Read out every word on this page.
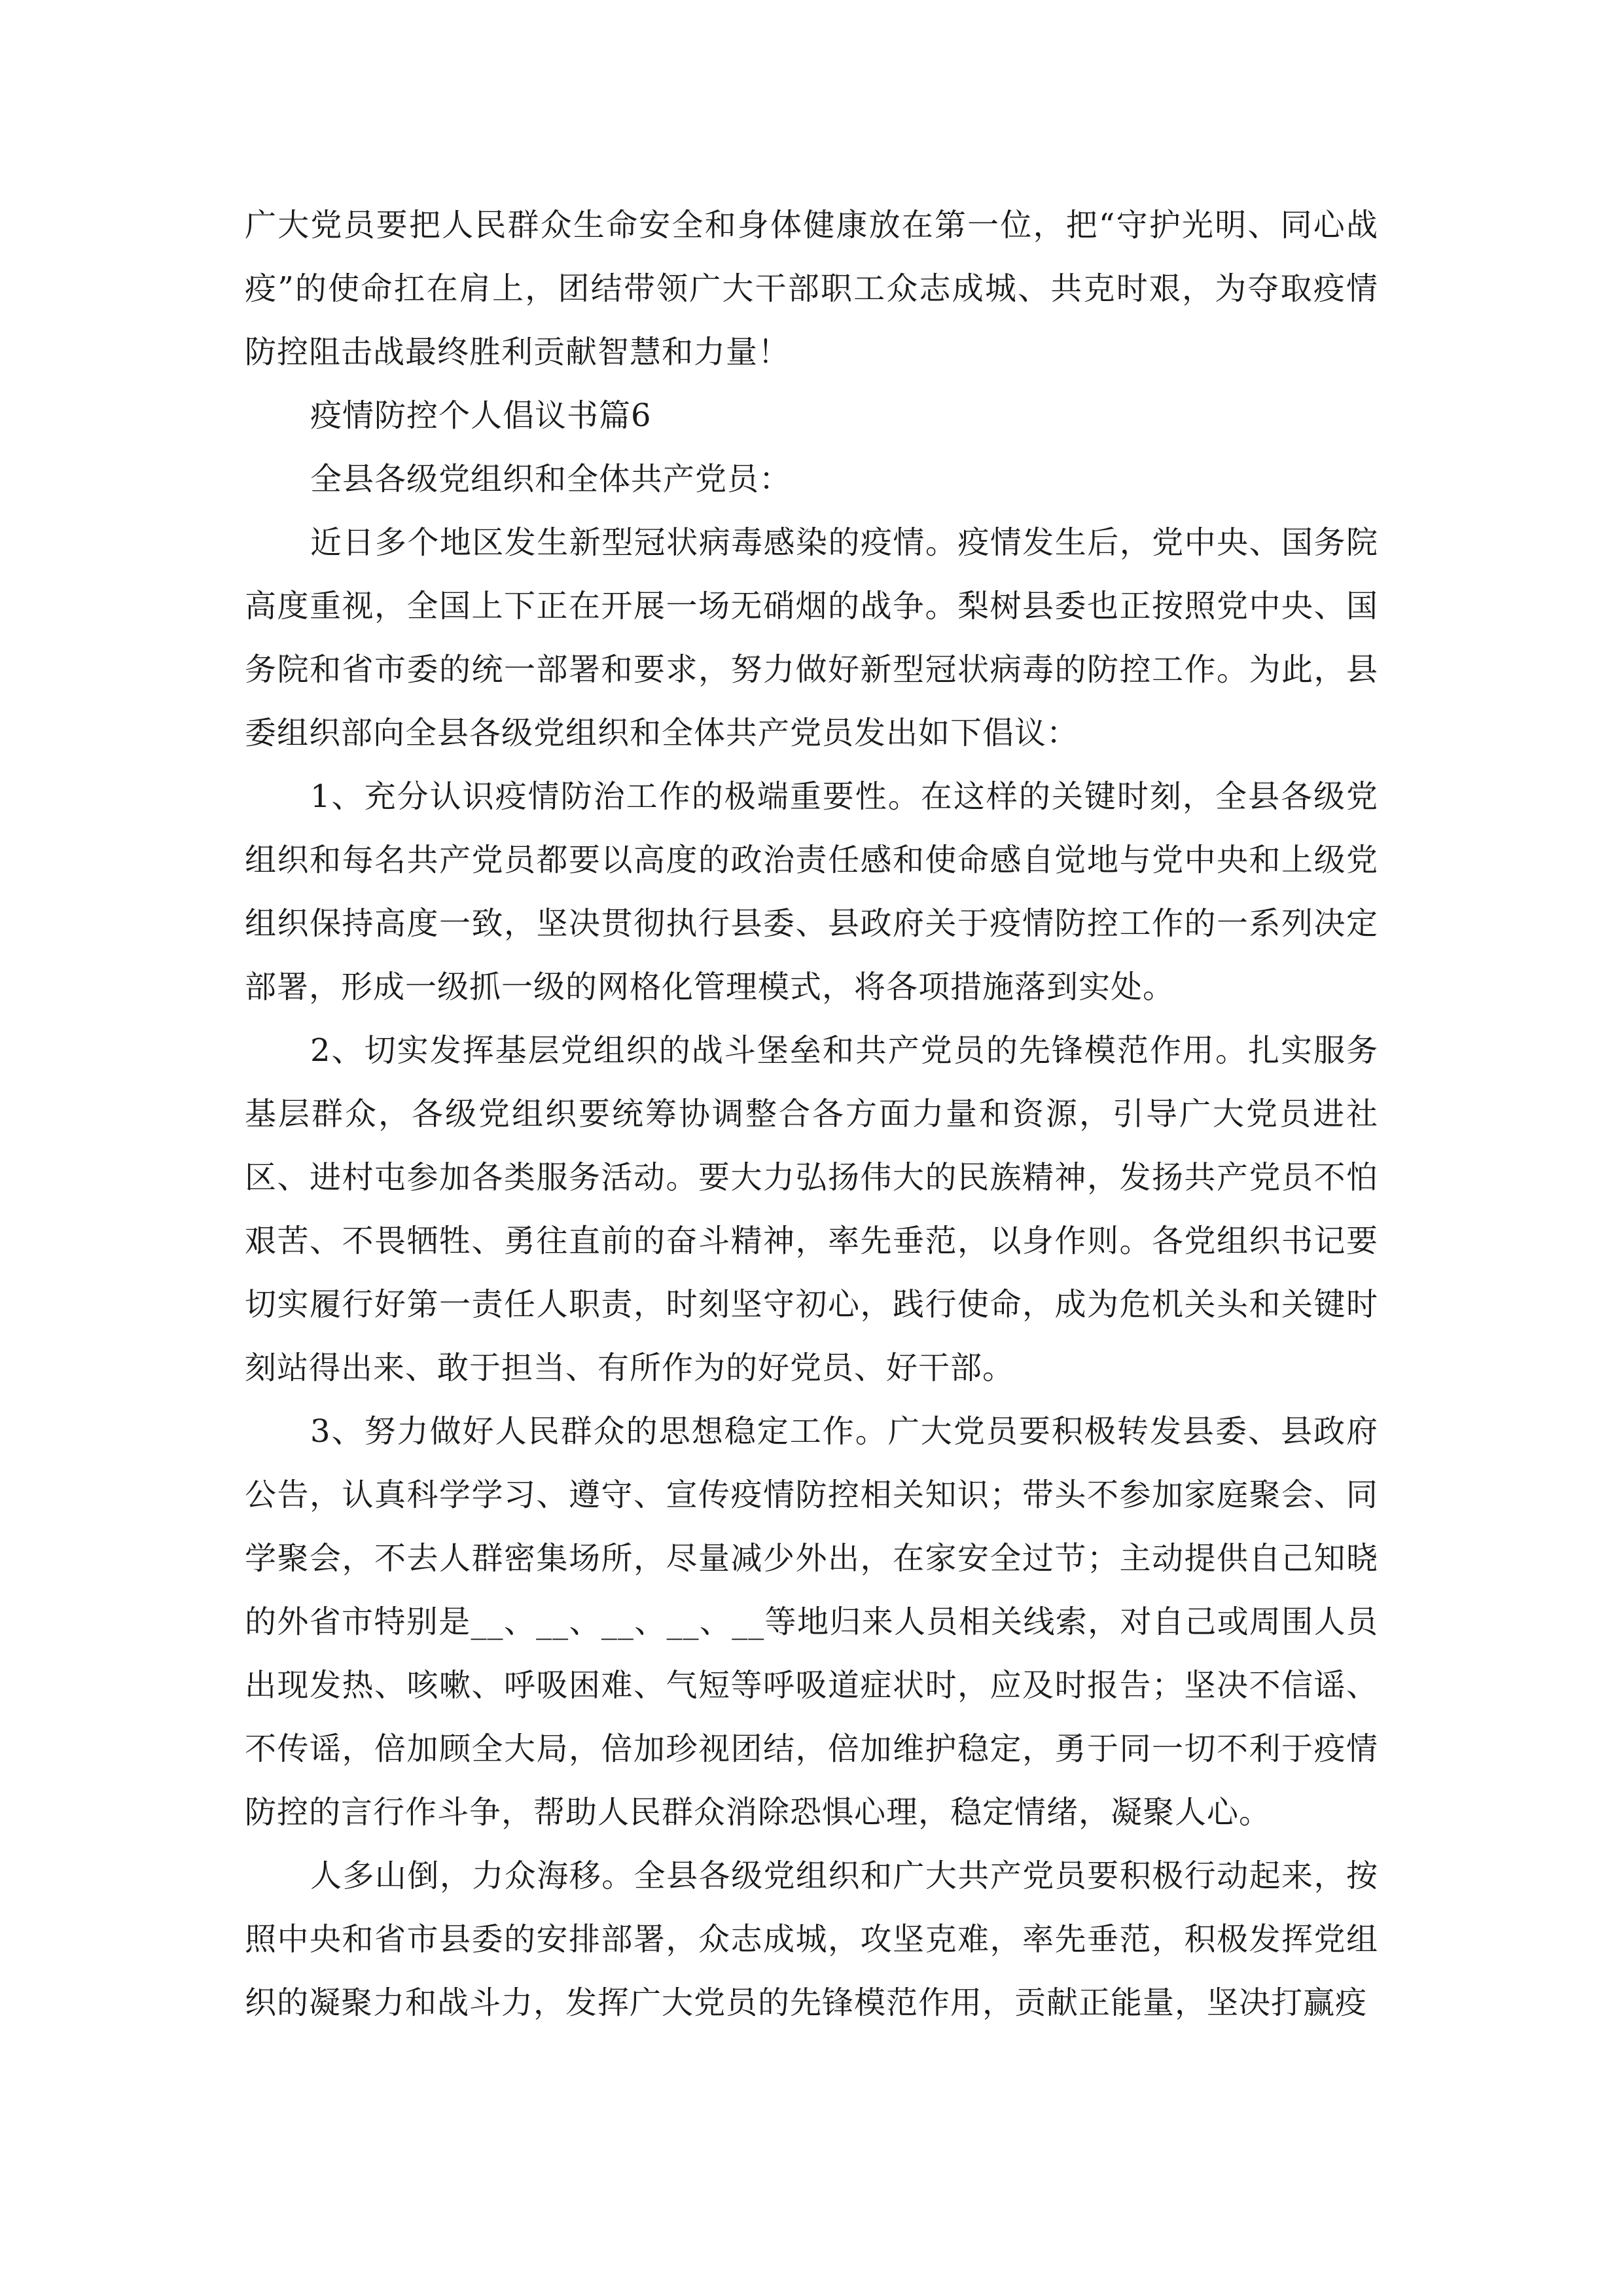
广大党员要把人民群众生命安全和身体健康放在第一位，把“守护光明、同心战疫”的使命扛在肩上，团结带领广大干部职工众志成城、共克时艰，为夺取疫情防控阻击战最终胜利贡献智慧和力量！

疫情防控个人倡议书篇6

全县各级党组织和全体共产党员：

近日多个地区发生新型冠状病毒感染的疫情。疫情发生后，党中央、国务院高度重视，全国上下正在开展一场无硝烟的战争。梨树县委也正按照党中央、国务院和省市委的统一部署和要求，努力做好新型冠状病毒的防控工作。为此，县委组织部向全县各级党组织和全体共产党员发出如下倡议：

1、充分认识疫情防治工作的极端重要性。在这样的关键时刻，全县各级党组织和每名共产党员都要以高度的政治责任感和使命感自觉地与党中央和上级党组织保持高度一致，坚决贯彻执行县委、县政府关于疫情防控工作的一系列决定部署，形成一级抓一级的网格化管理模式，将各项措施落到实处。

2、切实发挥基层党组织的战斗堡垒和共产党员的先锋模范作用。扎实服务基层群众，各级党组织要统筹协调整合各方面力量和资源，引导广大党员进社区、进村屯参加各类服务活动。要大力弘扬伟大的民族精神，发扬共产党员不怕艰苦、不畏牺牲、勇往直前的奋斗精神，率先垂范，以身作则。各党组织书记要切实履行好第一责任人职责，时刻坚守初心，践行使命，成为危机关头和关键时刻站得出来、敢于担当、有所作为的好党员、好干部。

3、努力做好人民群众的思想稳定工作。广大党员要积极转发县委、县政府公告，认真科学学习、遵守、宣传疫情防控相关知识；带头不参加家庭聚会、同学聚会，不去人群密集场所，尽量减少外出，在家安全过节；主动提供自己知晓的外省市特别是__、__、__、__、__等地归来人员相关线索，对自己或周围人员出现发热、咳嗽、呼吸困难、气短等呼吸道症状时，应及时报告；坚决不信谣、不传谣，倍加顾全大局，倍加珍视团结，倍加维护稳定，勇于同一切不利于疫情防控的言行作斗争，帮助人民群众消除恐惧心理，稳定情绪，凝聚人心。

人多山倒，力众海移。全县各级党组织和广大共产党员要积极行动起来，按照中央和省市县委的安排部署，众志成城，攻坚克难，率先垂范，积极发挥党组织的凝聚力和战斗力，发挥广大党员的先锋模范作用，贡献正能量，坚决打赢疫
